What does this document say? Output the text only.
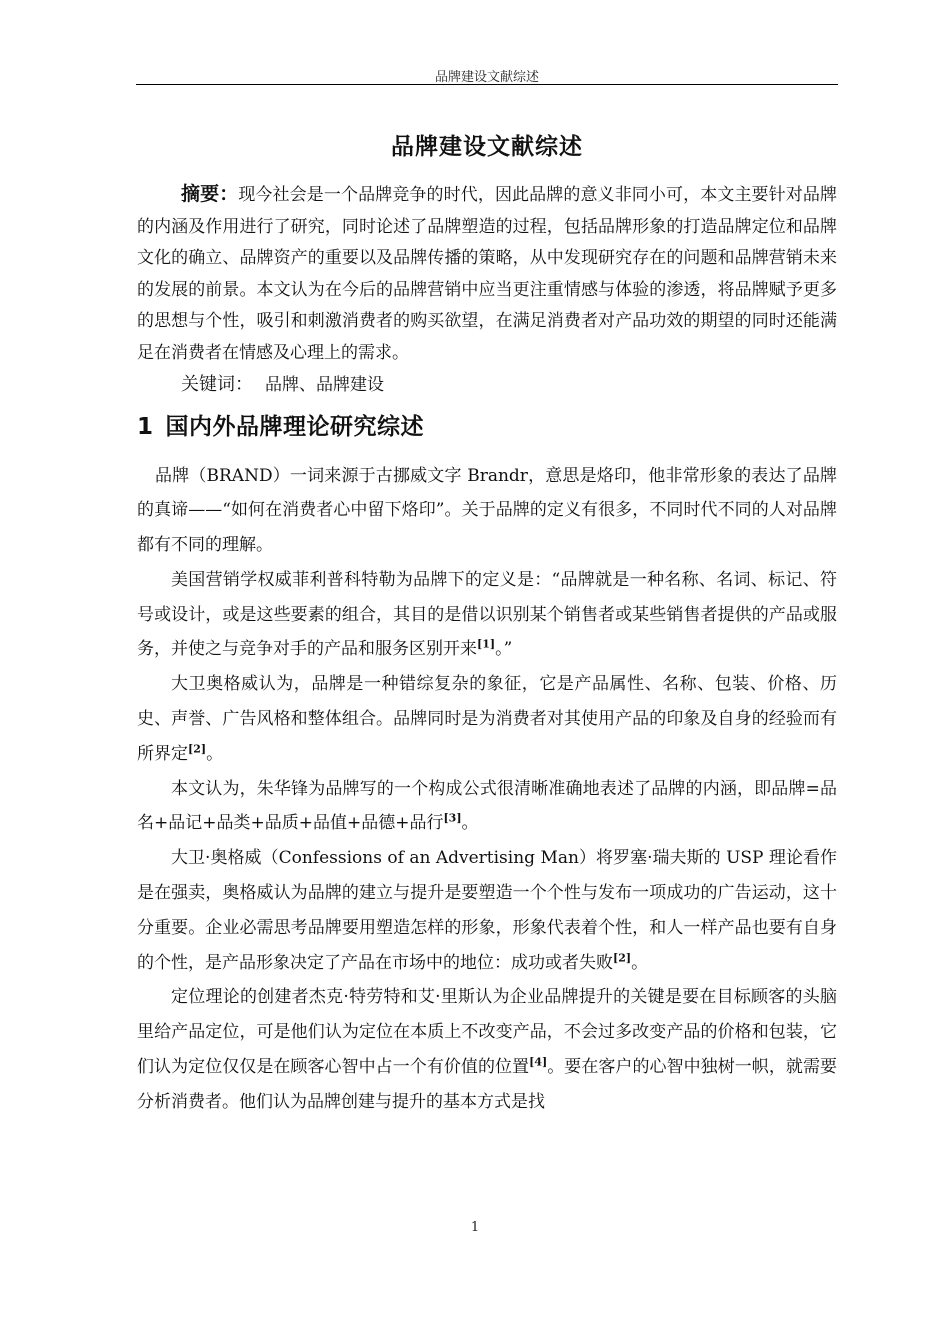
品牌建设文献综述
品牌建设文献综述

摘要：现今社会是一个品牌竞争的时代，因此品牌的意义非同小可，本文主要针对品牌的内涵及作用进行了研究，同时论述了品牌塑造的过程，包括品牌形象的打造品牌定位和品牌文化的确立、品牌资产的重要以及品牌传播的策略，从中发现研究存在的问题和品牌营销未来的发展的前景。本文认为在今后的品牌营销中应当更注重情感与体验的渗透，将品牌赋予更多的思想与个性，吸引和刺激消费者的购买欲望，在满足消费者对产品功效的期望的同时还能满足在消费者在情感及心理上的需求。

关键词： 品牌、品牌建设

1 国内外品牌理论研究综述

品牌（BRAND）一词来源于古挪威文字 Brandr，意思是烙印，他非常形象的表达了品牌的真谛——“如何在消费者心中留下烙印”。关于品牌的定义有很多，不同时代不同的人对品牌都有不同的理解。

美国营销学权威菲利普科特勒为品牌下的定义是：“品牌就是一种名称、名词、标记、符号或设计，或是这些要素的组合，其目的是借以识别某个销售者或某些销售者提供的产品或服务，并使之与竞争对手的产品和服务区别开来[1]。”

大卫奥格威认为，品牌是一种错综复杂的象征，它是产品属性、名称、包装、价格、历史、声誉、广告风格和整体组合。品牌同时是为消费者对其使用产品的印象及自身的经验而有所界定[2]。

本文认为，朱华锋为品牌写的一个构成公式很清晰准确地表述了品牌的内涵，即品牌=品名+品记+品类+品质+品值+品德+品行[3]。

大卫·奥格威（Confessions of an Advertising Man）将罗塞·瑞夫斯的 USP 理论看作是在强卖，奥格威认为品牌的建立与提升是要塑造一个个性与发布一项成功的广告运动，这十分重要。企业必需思考品牌要用塑造怎样的形象，形象代表着个性，和人一样产品也要有自身的个性，是产品形象决定了产品在市场中的地位：成功或者失败[2]。

定位理论的创建者杰克·特劳特和艾·里斯认为企业品牌提升的关键是要在目标顾客的头脑里给产品定位，可是他们认为定位在本质上不改变产品，不会过多改变产品的价格和包装，它们认为定位仅仅是在顾客心智中占一个有价值的位置[4]。要在客户的心智中独树一帜，就需要分析消费者。他们认为品牌创建与提升的基本方式是找

1
